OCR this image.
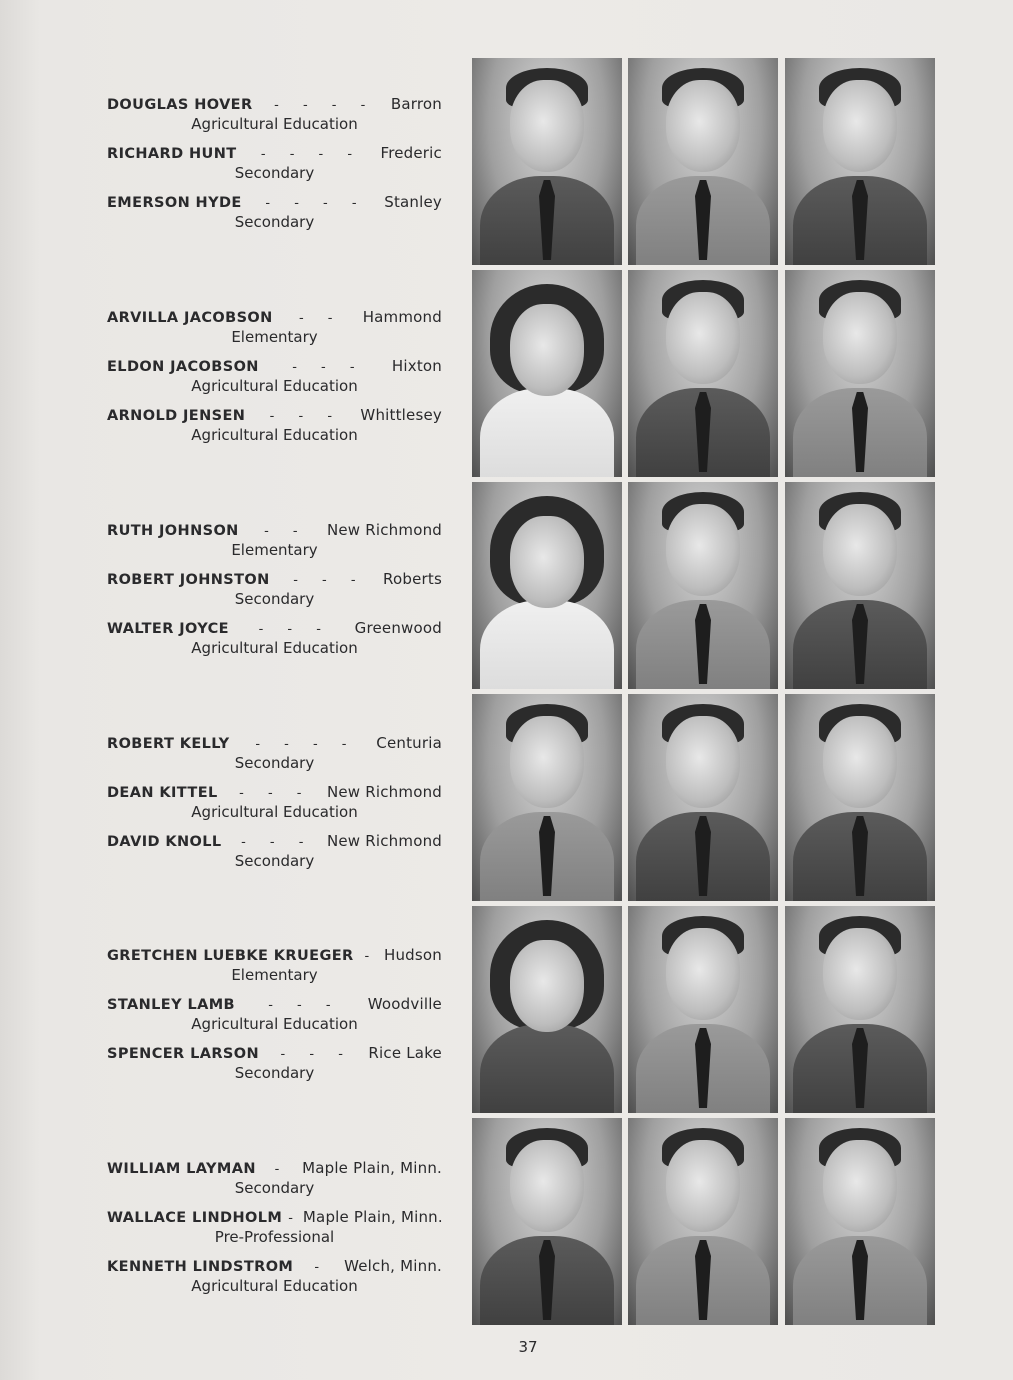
DOUGLAS HOVER	- - - -	Barron
Agricultural Education
RICHARD HUNT	- - - -	Frederic
Secondary
EMERSON HYDE	- - - -	Stanley
Secondary
ARVILLA JACOBSON	- -	Hammond
Elementary
ELDON JACOBSON	- - -	Hixton
Agricultural Education
ARNOLD JENSEN	- - -	Whittlesey
Agricultural Education
RUTH JOHNSON	- -	New Richmond
Elementary
ROBERT JOHNSTON	- - -	Roberts
Secondary
WALTER JOYCE	- - -	Greenwood
Agricultural Education
ROBERT KELLY	- - - -	Centuria
Secondary
DEAN KITTEL	- - -	New Richmond
Agricultural Education
DAVID KNOLL	- - - New Richmond
Secondary
GRETCHEN LUEBKE KRUEGER - Hudson
Elementary
STANLEY LAMB	- - -	Woodville
Agricultural Education
SPENCER LARSON	- - -	Rice Lake
Secondary
WILLIAM LAYMAN	- Maple Plain, Minn.
Secondary
WALLACE LINDHOLM - Maple Plain, Minn.
Pre-Professional
KENNETH LINDSTROM	-	Welch, Minn.
Agricultural Education
37
